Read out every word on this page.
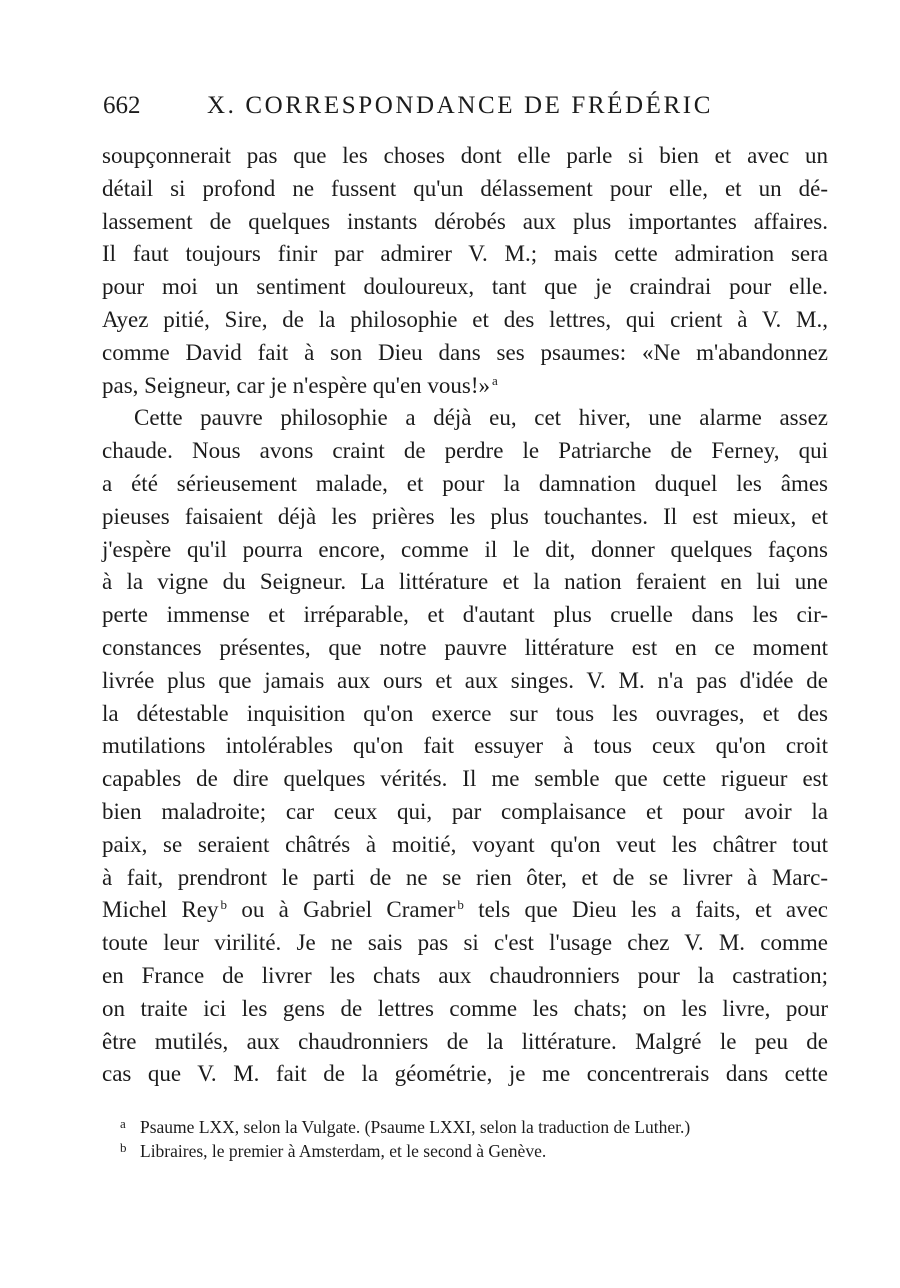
662	X. CORRESPONDANCE DE FRÉDÉRIC
soupçonnerait pas que les choses dont elle parle si bien et avec un
détail si profond ne fussent qu'un délassement pour elle, et un dé-
lassement de quelques instants dérobés aux plus importantes affaires.
Il faut toujours finir par admirer V. M.; mais cette admiration sera
pour moi un sentiment douloureux, tant que je craindrai pour elle.
Ayez pitié, Sire, de la philosophie et des lettres, qui crient à V. M.,
comme David fait à son Dieu dans ses psaumes: «Ne m'abandonnez
pas, Seigneur, car je n'espère qu'en vous!» $^a$
Cette pauvre philosophie a déjà eu, cet hiver, une alarme assez
chaude. Nous avons craint de perdre le Patriarche de Ferney, qui
a été sérieusement malade, et pour la damnation duquel les âmes
pieuses faisaient déjà les prières les plus touchantes. Il est mieux, et
j'espère qu'il pourra encore, comme il le dit, donner quelques façons
à la vigne du Seigneur. La littérature et la nation feraient en lui une
perte immense et irréparable, et d'autant plus cruelle dans les cir-
constances présentes, que notre pauvre littérature est en ce moment
livrée plus que jamais aux ours et aux singes. V. M. n'a pas d'idée de
la détestable inquisition qu'on exerce sur tous les ouvrages, et des
mutilations intolérables qu'on fait essuyer à tous ceux qu'on croit
capables de dire quelques vérités. Il me semble que cette rigueur est
bien maladroite; car ceux qui, par complaisance et pour avoir la
paix, se seraient châtrés à moitié, voyant qu'on veut les châtrer tout
à fait, prendront le parti de ne se rien ôter, et de se livrer à Marc-
Michel Rey $^b$ ou à Gabriel Cramer $^b$ tels que Dieu les a faits, et avec
toute leur virilité. Je ne sais pas si c'est l'usage chez V. M. comme
en France de livrer les chats aux chaudronniers pour la castration;
on traite ici les gens de lettres comme les chats; on les livre, pour
être mutilés, aux chaudronniers de la littérature. Malgré le peu de
cas que V. M. fait de la géométrie, je me concentrerais dans cette
a Psaume LXX, selon la Vulgate. (Psaume LXXI, selon la traduction de Luther.)
b Libraires, le premier à Amsterdam, et le second à Genève.
